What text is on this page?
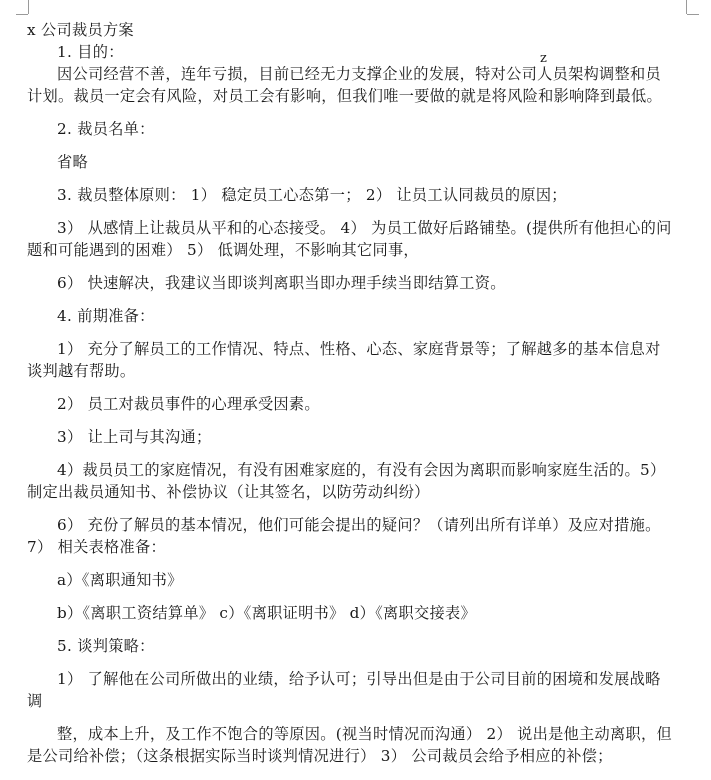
z
x 公司裁员方案
1. 目的：
因公司经营不善，连年亏损，目前已经无力支撑企业的发展，特对公司人员架构调整和员计划。裁员一定会有风险，对员工会有影响，但我们唯一要做的就是将风险和影响降到最低。
2. 裁员名单：
省略
3. 裁员整体原则： 1） 稳定员工心态第一； 2） 让员工认同裁员的原因；
3） 从感情上让裁员从平和的心态接受。 4） 为员工做好后路铺垫。(提供所有他担心的问题和可能遇到的困难） 5） 低调处理，不影响其它同事，
6） 快速解决，我建议当即谈判离职当即办理手续当即结算工资。
4. 前期准备：
1） 充分了解员工的工作情况、特点、性格、心态、家庭背景等；了解越多的基本信息对谈判越有帮助。
2） 员工对裁员事件的心理承受因素。
3） 让上司与其沟通；
4）裁员员工的家庭情况，有没有困难家庭的，有没有会因为离职而影响家庭生活的。5）制定出裁员通知书、补偿协议（让其签名，以防劳动纠纷）
6） 充份了解员的基本情况，他们可能会提出的疑问？（请列出所有详单）及应对措施。7） 相关表格准备：
a）《离职通知书》
b）《离职工资结算单》 c）《离职证明书》 d）《离职交接表》
5. 谈判策略：
1） 了解他在公司所做出的业绩，给予认可；引导出但是由于公司目前的困境和发展战略调
整，成本上升，及工作不饱合的等原因。(视当时情况而沟通） 2） 说出是他主动离职，但是公司给补偿；（这条根据实际当时谈判情况进行） 3） 公司裁员会给予相应的补偿；
